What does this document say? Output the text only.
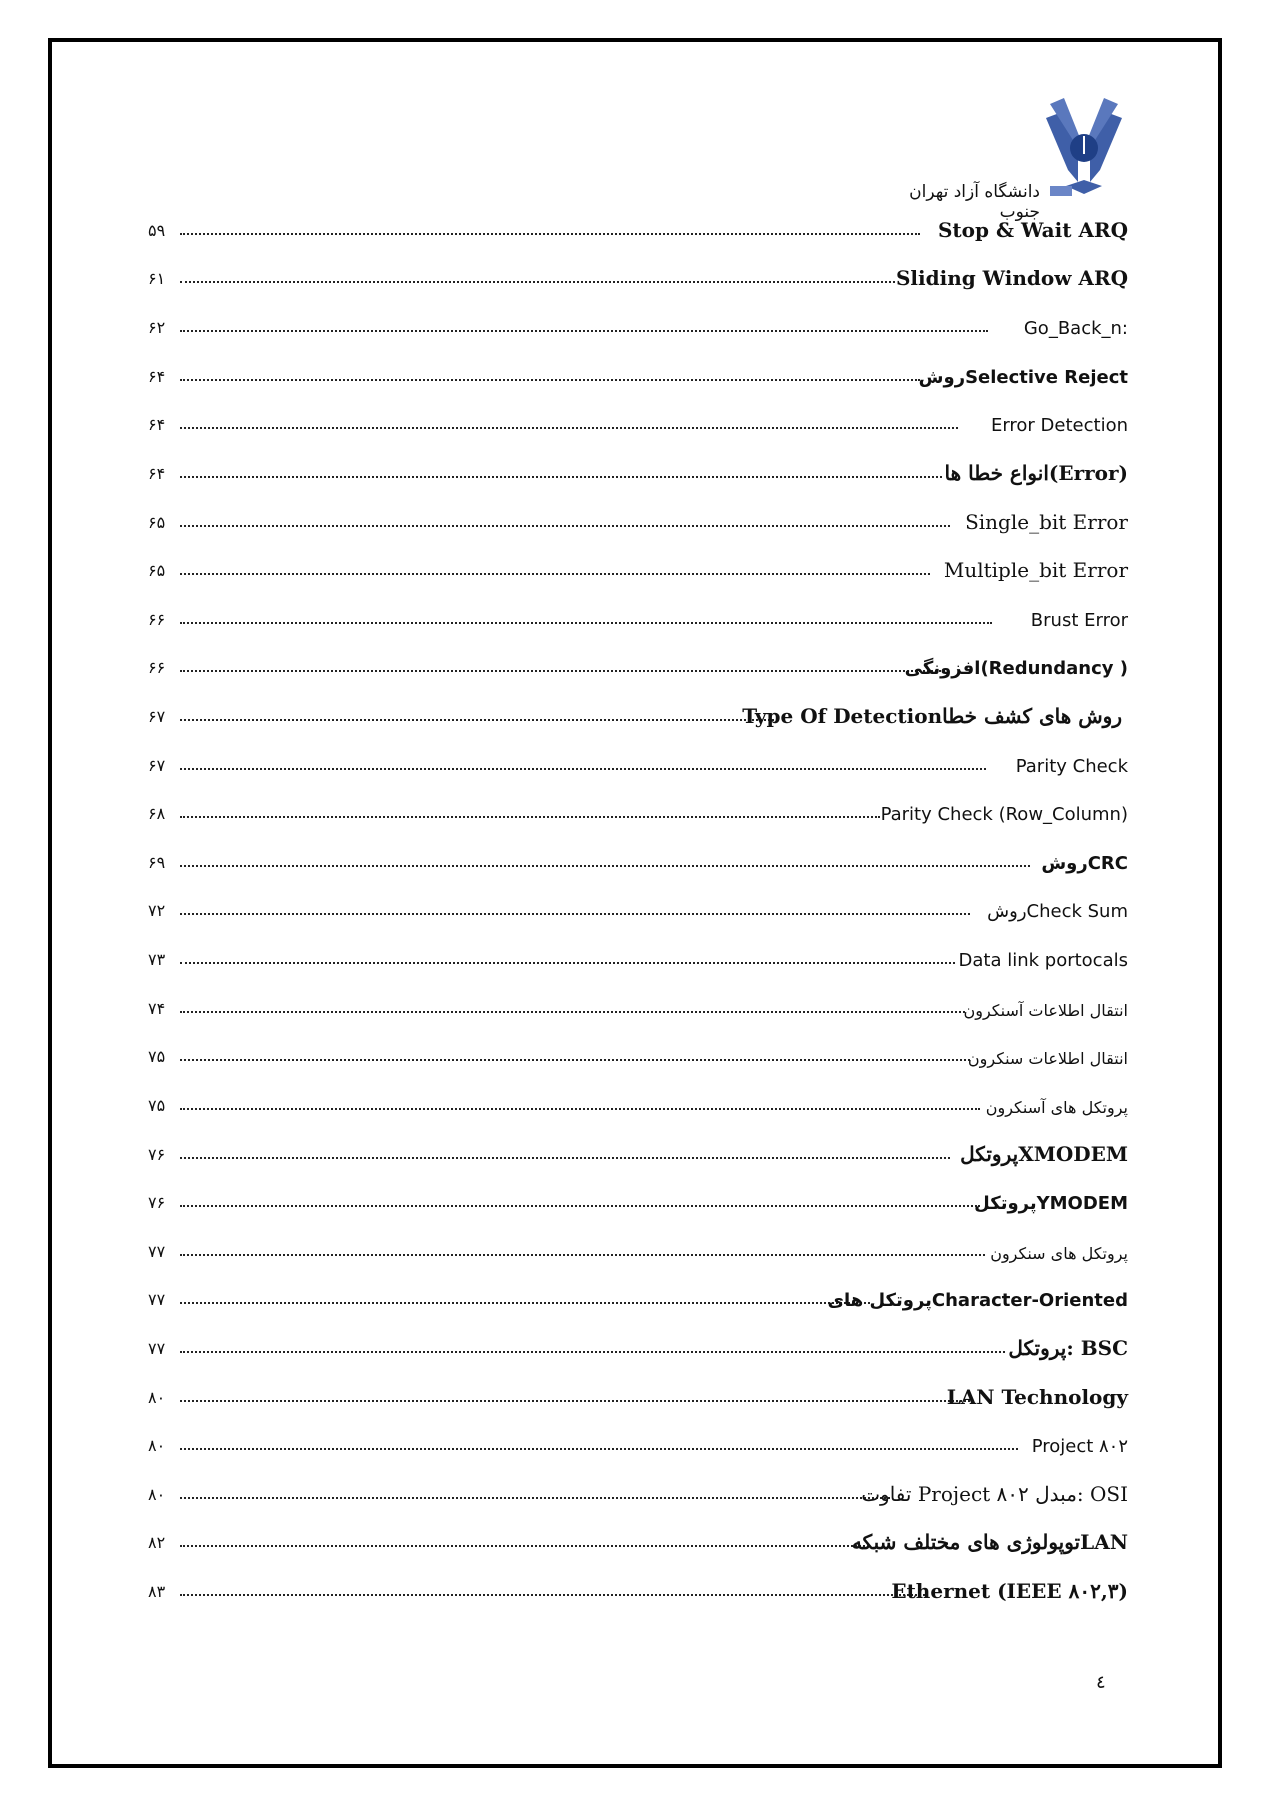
دانشگاه آزاد تهران جنوب
۵۹	Stop & Wait ARQ
۶۱	Sliding Window ARQ
۶۲	Go_Back_n:
۶۴	روشSelective Reject
۶۴	Error Detection
۶۴	انواع خطا ها(Error)
۶۵	Single_bit Error
۶۵	Multiple_bit Error
۶۶	Brust Error
۶۶	افزونگی(Redundancy )
۶۷	Type Of Detectionروش های کشف خطا
۶۷	Parity Check
۶۸	Parity Check (Row_Column)
۶۹	روشCRC
۷۲	روشCheck Sum
۷۳	Data link portocals
۷۴	انتقال اطلاعات آسنکرون
۷۵	انتقال اطلاعات سنکرون
۷۵	پروتکل های آسنکرون
۷۶	پروتکلXMODEM
۷۶	پروتکلYMODEM
۷۷	پروتکل های سنکرون
۷۷	پروتکل هایCharacter-Oriented
۷۷	پروتکل: BSC
۸۰	LAN Technology
۸۰	Project ۸۰۲
۸۰	تفاوت Project ۸۰۲ مبدل: OSI
۸۲	توپولوژی های مختلف شبکهLAN
۸۳	Ethernet (IEEE ۸۰۲,۳)
٤
